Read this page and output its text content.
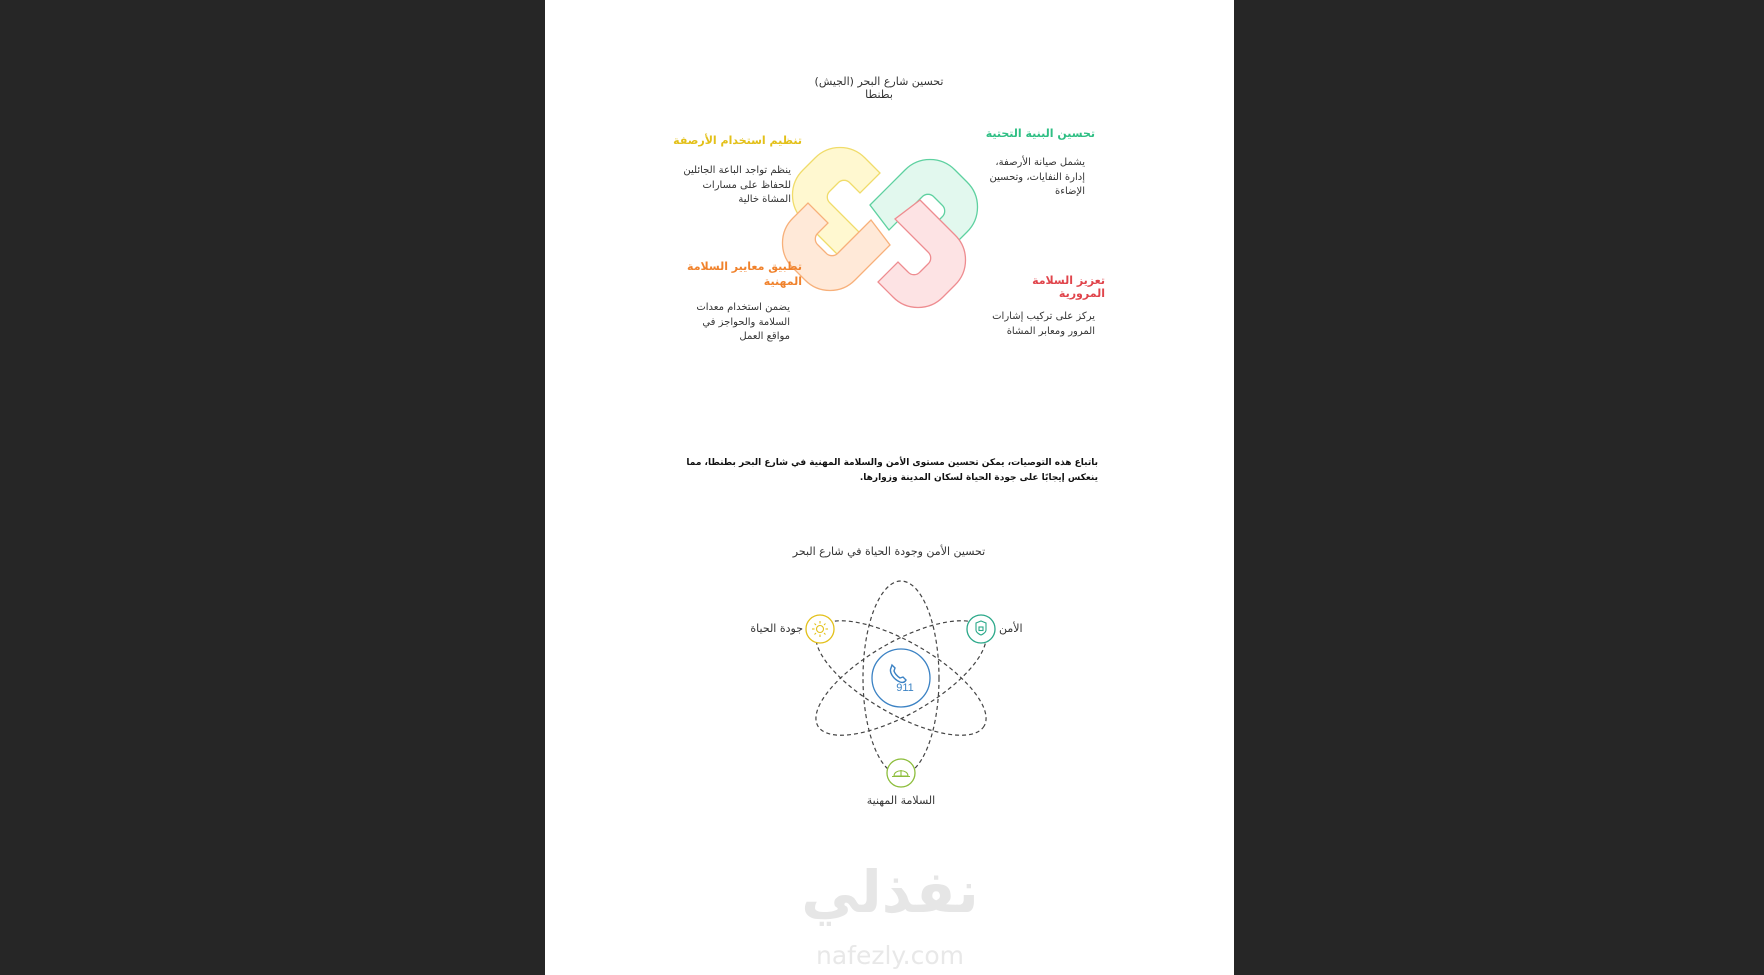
تحسين شارع البحر (الجيش) بطنطا

تحسين البنية التحتية

يشمل صيانة الأرصفة، إدارة النفايات، وتحسين الإضاءة

تنظيم استخدام الأرصفة

ينظم تواجد الباعة الجائلين للحفاظ على مسارات المشاة خالية

تعزيز السلامة المرورية

يركز على تركيب إشارات المرور ومعابر المشاة

تطبيق معايير السلامة المهنية

يضمن استخدام معدات السلامة والحواجز في مواقع العمل

باتباع هذه التوصيات، يمكن تحسين مستوى الأمن والسلامة المهنية في شارع البحر بطنطا، مما ينعكس إيجابًا على جودة الحياة لسكان المدينة وزوارها.

تحسين الأمن وجودة الحياة في شارع البحر

911

الأمن

جودة الحياة

السلامة المهنية

نفذلي

nafezly.com
